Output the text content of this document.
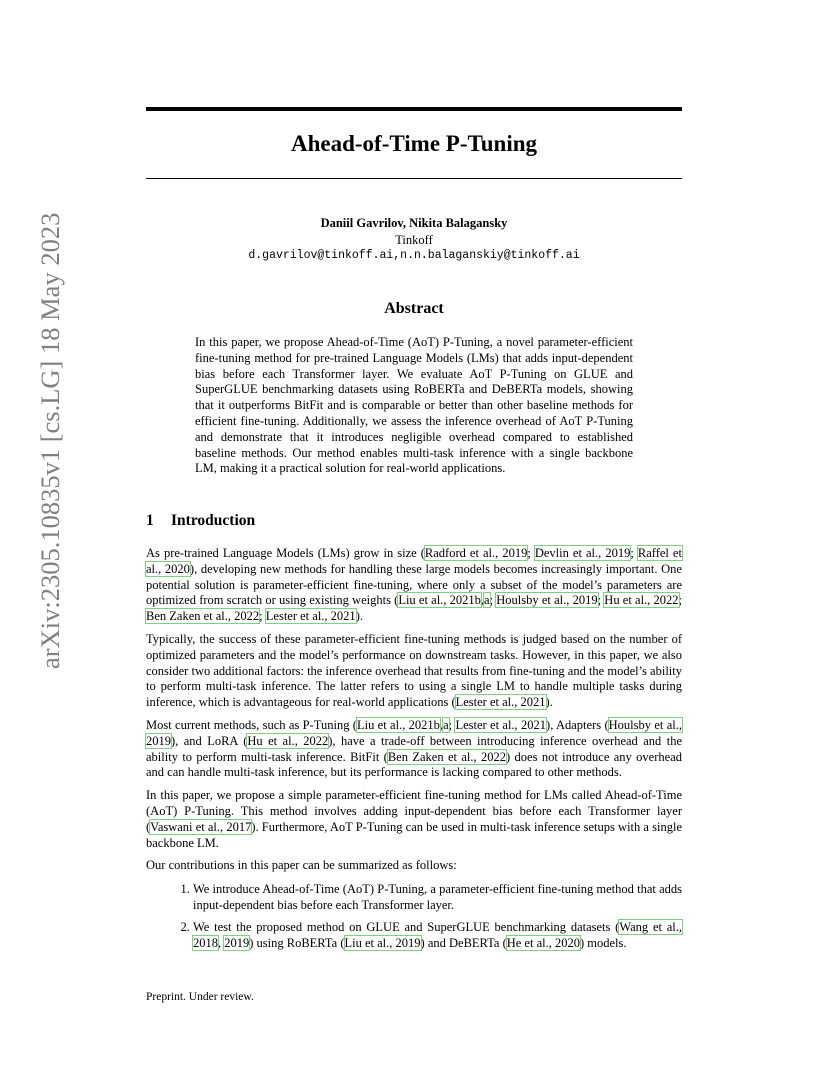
arXiv:2305.10835v1 [cs.LG] 18 May 2023
Ahead-of-Time P-Tuning
Daniil Gavrilov, Nikita Balagansky
Tinkoff
d.gavrilov@tinkoff.ai,n.n.balaganskiy@tinkoff.ai
Abstract
In this paper, we propose Ahead-of-Time (AoT) P-Tuning, a novel parameter-efficient fine-tuning method for pre-trained Language Models (LMs) that adds input-dependent bias before each Transformer layer. We evaluate AoT P-Tuning on GLUE and SuperGLUE benchmarking datasets using RoBERTa and DeBERTa models, showing that it outperforms BitFit and is comparable or better than other baseline methods for efficient fine-tuning. Additionally, we assess the inference overhead of AoT P-Tuning and demonstrate that it introduces negligible overhead compared to established baseline methods. Our method enables multi-task inference with a single backbone LM, making it a practical solution for real-world applications.
1 Introduction

As pre-trained Language Models (LMs) grow in size (Radford et al., 2019; Devlin et al., 2019; Raffel et al., 2020), developing new methods for handling these large models becomes increasingly important. One potential solution is parameter-efficient fine-tuning, where only a subset of the model’s parameters are optimized from scratch or using existing weights (Liu et al., 2021b,a; Houlsby et al., 2019; Hu et al., 2022; Ben Zaken et al., 2022; Lester et al., 2021).

Typically, the success of these parameter-efficient fine-tuning methods is judged based on the number of optimized parameters and the model’s performance on downstream tasks. However, in this paper, we also consider two additional factors: the inference overhead that results from fine-tuning and the model’s ability to perform multi-task inference. The latter refers to using a single LM to handle multiple tasks during inference, which is advantageous for real-world applications (Lester et al., 2021).

Most current methods, such as P-Tuning (Liu et al., 2021b,a; Lester et al., 2021), Adapters (Houlsby et al., 2019), and LoRA (Hu et al., 2022), have a trade-off between introducing inference overhead and the ability to perform multi-task inference. BitFit (Ben Zaken et al., 2022) does not introduce any overhead and can handle multi-task inference, but its performance is lacking compared to other methods.

In this paper, we propose a simple parameter-efficient fine-tuning method for LMs called Ahead-of-Time (AoT) P-Tuning. This method involves adding input-dependent bias before each Transformer layer (Vaswani et al., 2017). Furthermore, AoT P-Tuning can be used in multi-task inference setups with a single backbone LM.

Our contributions in this paper can be summarized as follows:

1. We introduce Ahead-of-Time (AoT) P-Tuning, a parameter-efficient fine-tuning method that adds input-dependent bias before each Transformer layer.
2. We test the proposed method on GLUE and SuperGLUE benchmarking datasets (Wang et al., 2018, 2019) using RoBERTa (Liu et al., 2019) and DeBERTa (He et al., 2020) models.
Preprint. Under review.
